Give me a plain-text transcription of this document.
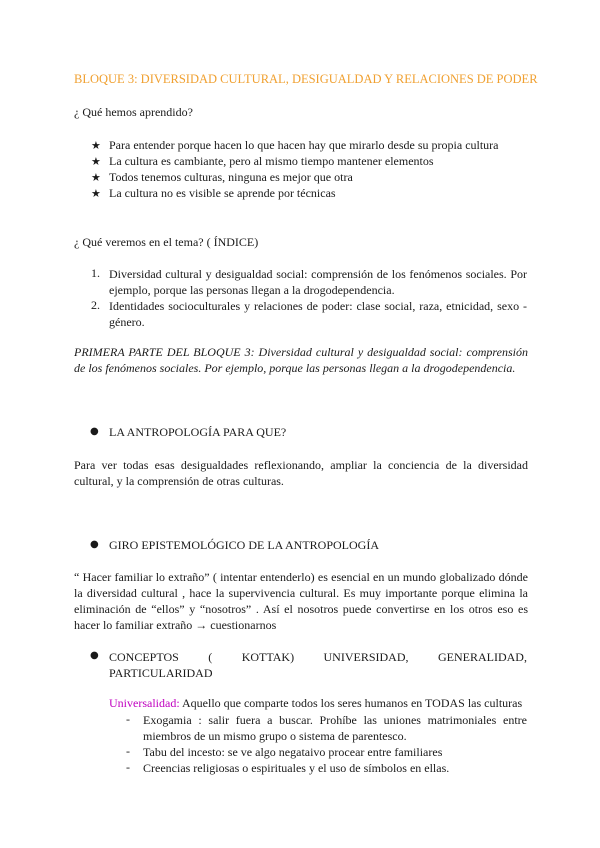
BLOQUE 3: DIVERSIDAD CULTURAL, DESIGUALDAD Y RELACIONES DE PODER
¿ Qué hemos aprendido?
★ Para entender porque hacen lo que hacen hay que mirarlo desde su propia cultura
★ La cultura es cambiante, pero al mismo tiempo mantener elementos
★ Todos tenemos culturas, ninguna es mejor que otra
★ La cultura no es visible se aprende por técnicas
¿ Qué veremos en el tema? ( ÍNDICE)
1. Diversidad cultural y desigualdad social: comprensión de los fenómenos sociales. Por ejemplo, porque las personas llegan a la drogodependencia.
2. Identidades socioculturales y relaciones de poder: clase social, raza, etnicidad, sexo - género.
PRIMERA PARTE DEL BLOQUE 3: Diversidad cultural y desigualdad social: comprensión de los fenómenos sociales. Por ejemplo, porque las personas llegan a la drogodependencia.
● LA ANTROPOLOGÍA PARA QUE?
Para ver todas esas desigualdades reflexionando, ampliar la conciencia de la diversidad cultural, y la comprensión de otras culturas.
● GIRO EPISTEMOLÓGICO DE LA ANTROPOLOGÍA
“ Hacer familiar lo extraño” ( intentar entenderlo) es esencial en un mundo globalizado dónde la diversidad cultural , hace la supervivencia cultural. Es muy importante porque elimina la eliminación de “ellos” y “nosotros” . Así el nosotros puede convertirse en los otros eso es hacer lo familiar extraño → cuestionarnos
● CONCEPTOS ( KOTTAK) UNIVERSIDAD, GENERALIDAD,
PARTICULARIDAD
Universalidad: Aquello que comparte todos los seres humanos en TODAS las culturas
- Exogamia : salir fuera a buscar. Prohíbe las uniones matrimoniales entre miembros de un mismo grupo o sistema de parentesco.
- Tabu del incesto: se ve algo negataivo procear entre familiares
- Creencias religiosas o espirituales y el uso de símbolos en ellas.
